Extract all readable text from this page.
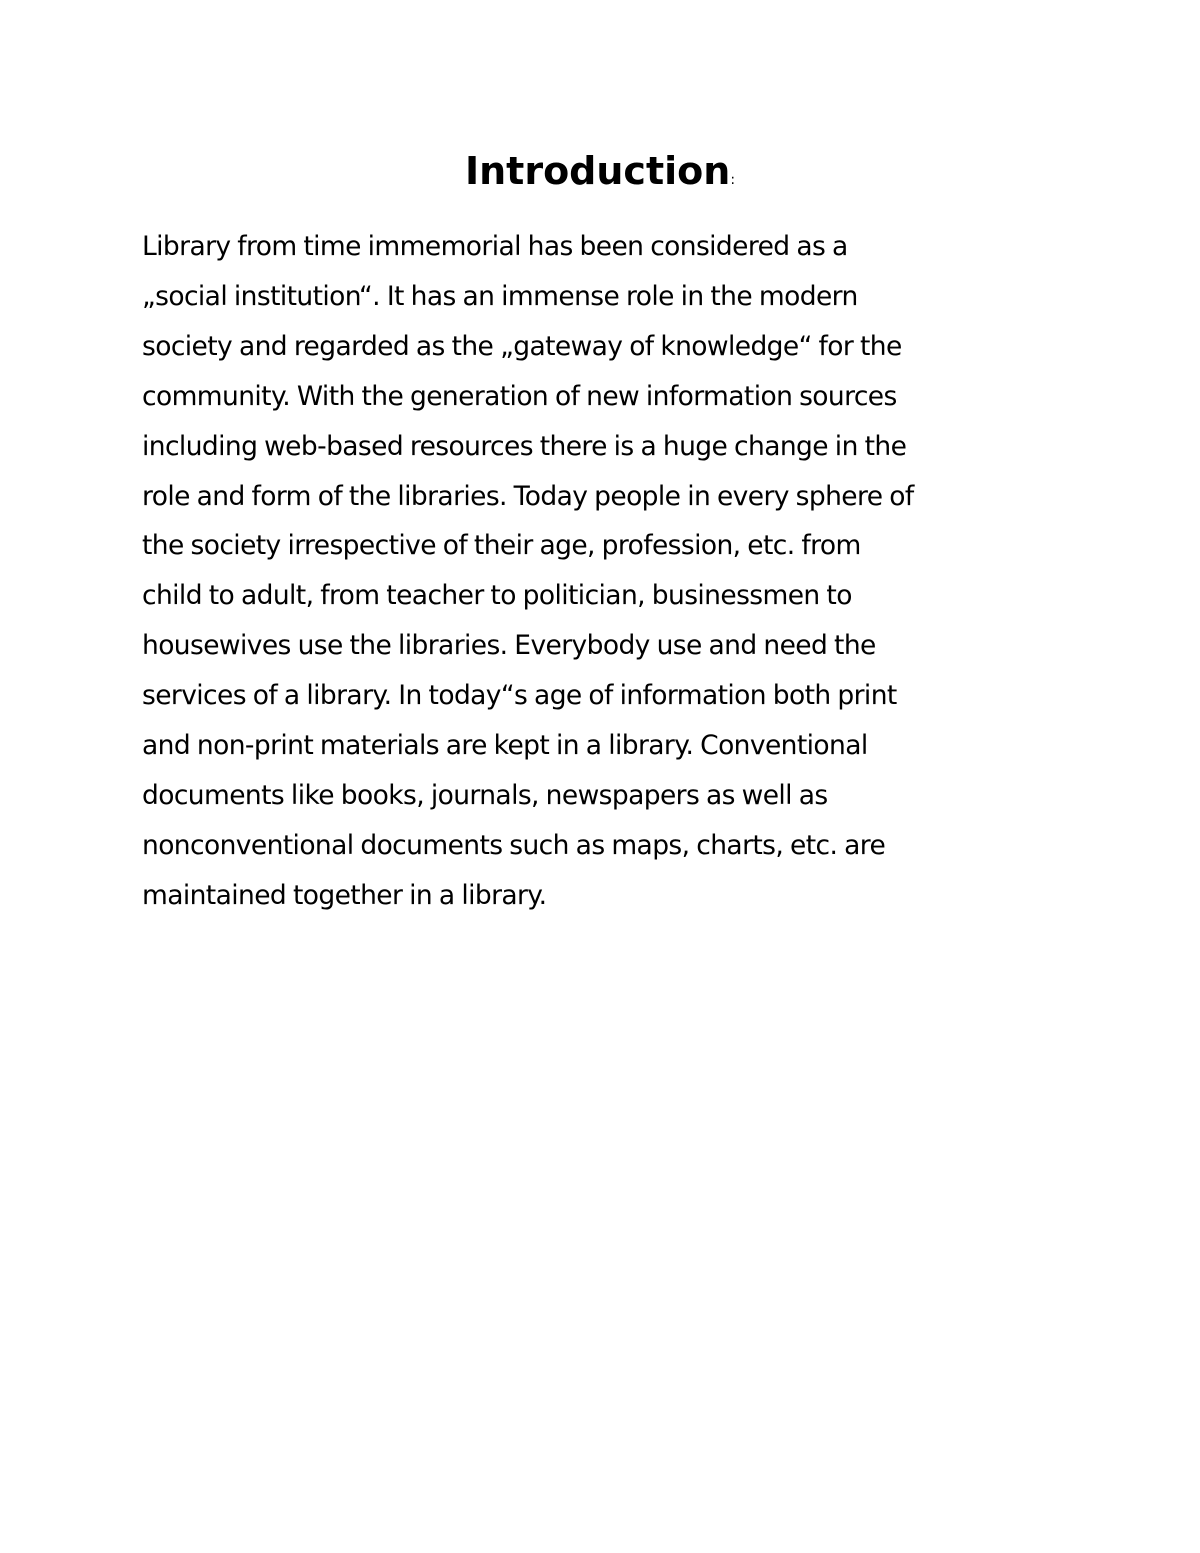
Introduction:
Library from time immemorial has been considered as a
„social institution“. It has an immense role in the modern
society and regarded as the „gateway of knowledge“ for the
community. With the generation of new information sources
including web-based resources there is a huge change in the
role and form of the libraries. Today people in every sphere of
the society irrespective of their age, profession, etc. from
child to adult, from teacher to politician, businessmen to
housewives use the libraries. Everybody use and need the
services of a library. In today“s age of information both print
and non-print materials are kept in a library. Conventional
documents like books, journals, newspapers as well as
nonconventional documents such as maps, charts, etc. are
maintained together in a library.
